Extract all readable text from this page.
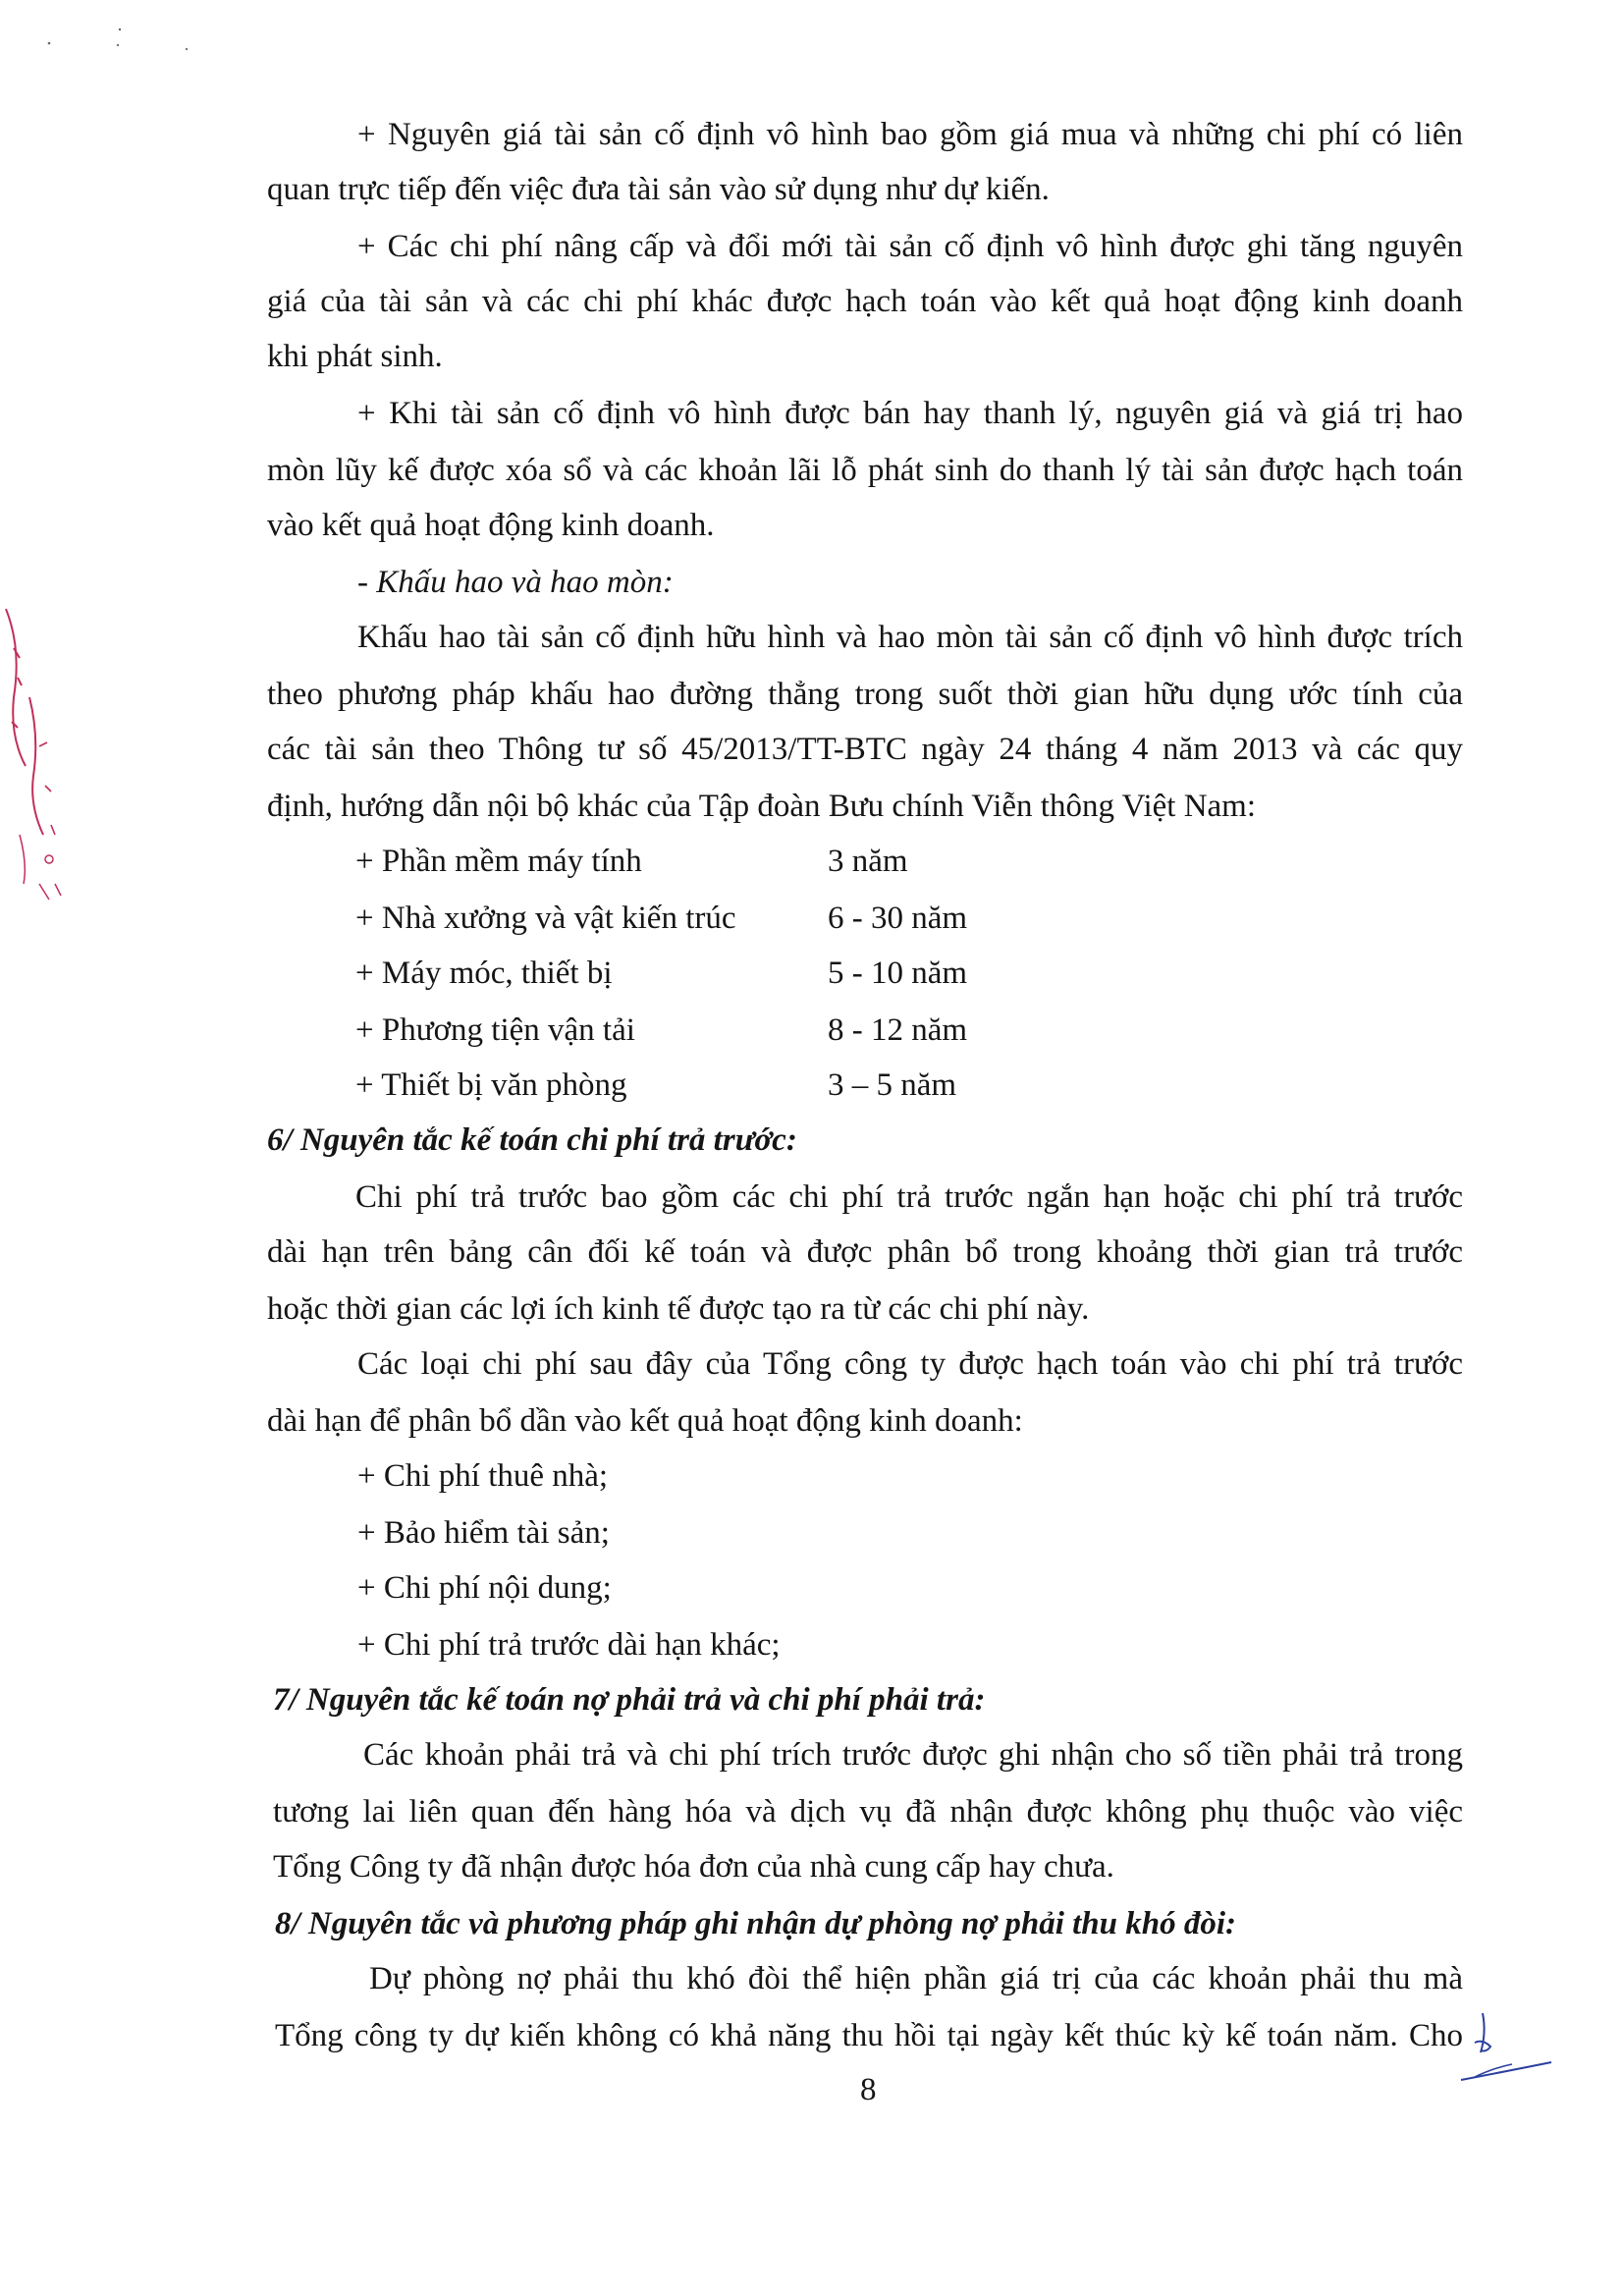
+ Nguyên giá tài sản cố định vô hình bao gồm giá mua và những chi phí có liên

quan trực tiếp đến việc đưa tài sản vào sử dụng như dự kiến.

+ Các chi phí nâng cấp và đổi mới tài sản cố định vô hình được ghi tăng nguyên

giá của tài sản và các chi phí khác được hạch toán vào kết quả hoạt động kinh doanh

khi phát sinh.

+ Khi tài sản cố định vô hình được bán hay thanh lý, nguyên giá và giá trị hao

mòn lũy kế được xóa sổ và các khoản lãi lỗ phát sinh do thanh lý tài sản được hạch toán

vào kết quả hoạt động kinh doanh.

- Khấu hao và hao mòn:

Khấu hao tài sản cố định hữu hình và hao mòn tài sản cố định vô hình được trích

theo phương pháp khấu hao đường thẳng trong suốt thời gian hữu dụng ước tính của

các tài sản theo Thông tư số 45/2013/TT-BTC ngày 24 tháng 4 năm 2013 và các quy

định, hướng dẫn nội bộ khác của Tập đoàn Bưu chính Viễn thông Việt Nam:

+ Phần mềm máy tính	3 năm
+ Nhà xưởng và vật kiến trúc	6 - 30 năm
+ Máy móc, thiết bị	5 - 10 năm
+ Phương tiện vận tải	8 - 12 năm
+ Thiết bị văn phòng	3 – 5 năm

6/ Nguyên tắc kế toán chi phí trả trước:

Chi phí trả trước bao gồm các chi phí trả trước ngắn hạn hoặc chi phí trả trước

dài hạn trên bảng cân đối kế toán và được phân bổ trong khoảng thời gian trả trước

hoặc thời gian các lợi ích kinh tế được tạo ra từ các chi phí này.

Các loại chi phí sau đây của Tổng công ty được hạch toán vào chi phí trả trước

dài hạn để phân bổ dần vào kết quả hoạt động kinh doanh:

+ Chi phí thuê nhà;

+ Bảo hiểm tài sản;

+ Chi phí nội dung;

+ Chi phí trả trước dài hạn khác;

7/ Nguyên tắc kế toán nợ phải trả và chi phí phải trả:

Các khoản phải trả và chi phí trích trước được ghi nhận cho số tiền phải trả trong

tương lai liên quan đến hàng hóa và dịch vụ đã nhận được không phụ thuộc vào việc

Tổng Công ty đã nhận được hóa đơn của nhà cung cấp hay chưa.

8/ Nguyên tắc và phương pháp ghi nhận dự phòng nợ phải thu khó đòi:

Dự phòng nợ phải thu khó đòi thể hiện phần giá trị của các khoản phải thu mà

Tổng công ty dự kiến không có khả năng thu hồi tại ngày kết thúc kỳ kế toán năm. Cho

8
